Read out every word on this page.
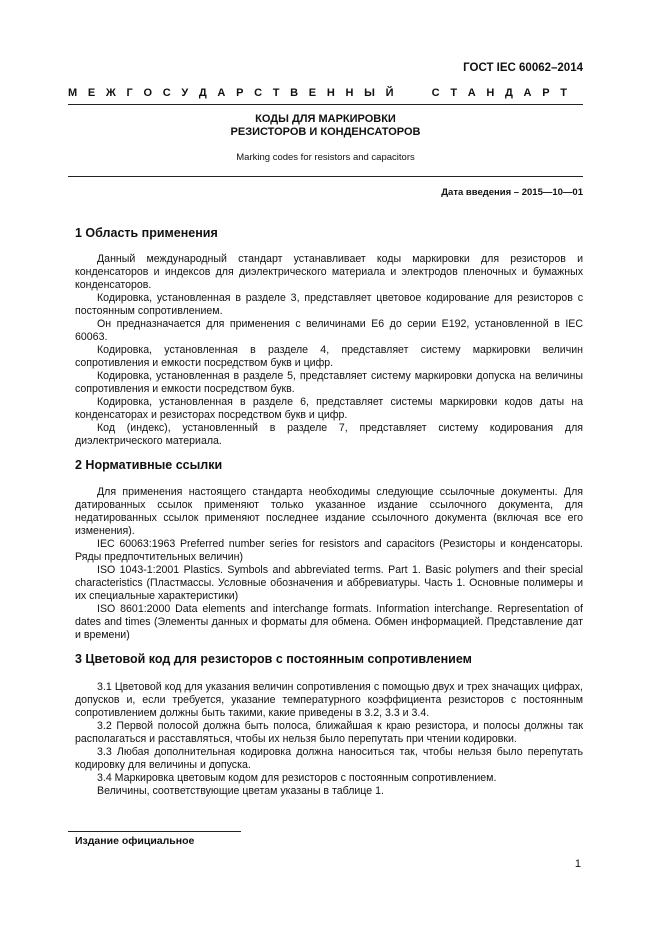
ГОСТ IEC 60062–2014
М Е Ж Г О С У Д А Р С Т В Е Н Н Ы Й

	С Т А Н Д А Р Т
КОДЫ ДЛЯ МАРКИРОВКИ
РЕЗИСТОРОВ И КОНДЕНСАТОРОВ
Marking codes for resistors and capacitors
Дата введения – 2015—10—01
1 Область применения

Данный международный стандарт устанавливает коды маркировки для резисторов и конденсаторов и индексов для диэлектрического материала и электродов пленочных и бумажных конденсаторов.

Кодировка, установленная в разделе 3, представляет цветовое кодирование для резисторов с постоянным сопротивлением.

Он предназначается для применения с величинами Е6 до серии Е192, установленной в IEC 60063.

Кодировка, установленная в разделе 4, представляет систему маркировки величин сопротивления и емкости посредством букв и цифр.

Кодировка, установленная в разделе 5, представляет систему маркировки допуска на величины сопротивления и емкости посредством букв.

Кодировка, установленная в разделе 6, представляет системы маркировки кодов даты на конденсаторах и резисторах посредством букв и цифр.

Код (индекс), установленный в разделе 7, представляет систему кодирования для диэлектрического материала.

2 Нормативные ссылки

Для применения настоящего стандарта необходимы следующие ссылочные документы. Для датированных ссылок применяют только указанное издание ссылочного документа, для недатированных ссылок применяют последнее издание ссылочного документа (включая все его изменения).

IEC 60063:1963 Preferred number series for resistors and capacitors (Резисторы и конденсаторы. Ряды предпочтительных величин)

ISO 1043-1:2001 Plastics. Symbols and abbreviated terms. Part 1. Basic polymers and their special characteristics (Пластмассы. Условные обозначения и аббревиатуры. Часть 1. Основные полимеры и их специальные характеристики)

ISO 8601:2000 Data elements and interchange formats. Information interchange. Representation of dates and times (Элементы данных и форматы для обмена. Обмен информацией. Представление дат и времени)

3 Цветовой код для резисторов с постоянным сопротивлением

3.1 Цветовой код для указания величин сопротивления с помощью двух и трех значащих цифрах, допусков и, если требуется, указание температурного коэффициента резисторов с постоянным сопротивлением должны быть такими, какие приведены в 3.2, 3.3 и 3.4.

3.2 Первой полосой должна быть полоса, ближайшая к краю резистора, и полосы должны так располагаться и расставляться, чтобы их нельзя было перепутать при чтении кодировки.

3.3 Любая дополнительная кодировка должна наноситься так, чтобы нельзя было перепутать кодировку для величины и допуска.

3.4 Маркировка цветовым кодом для резисторов с постоянным сопротивлением.

Величины, соответствующие цветам указаны в таблице 1.

Издание официальное
1
